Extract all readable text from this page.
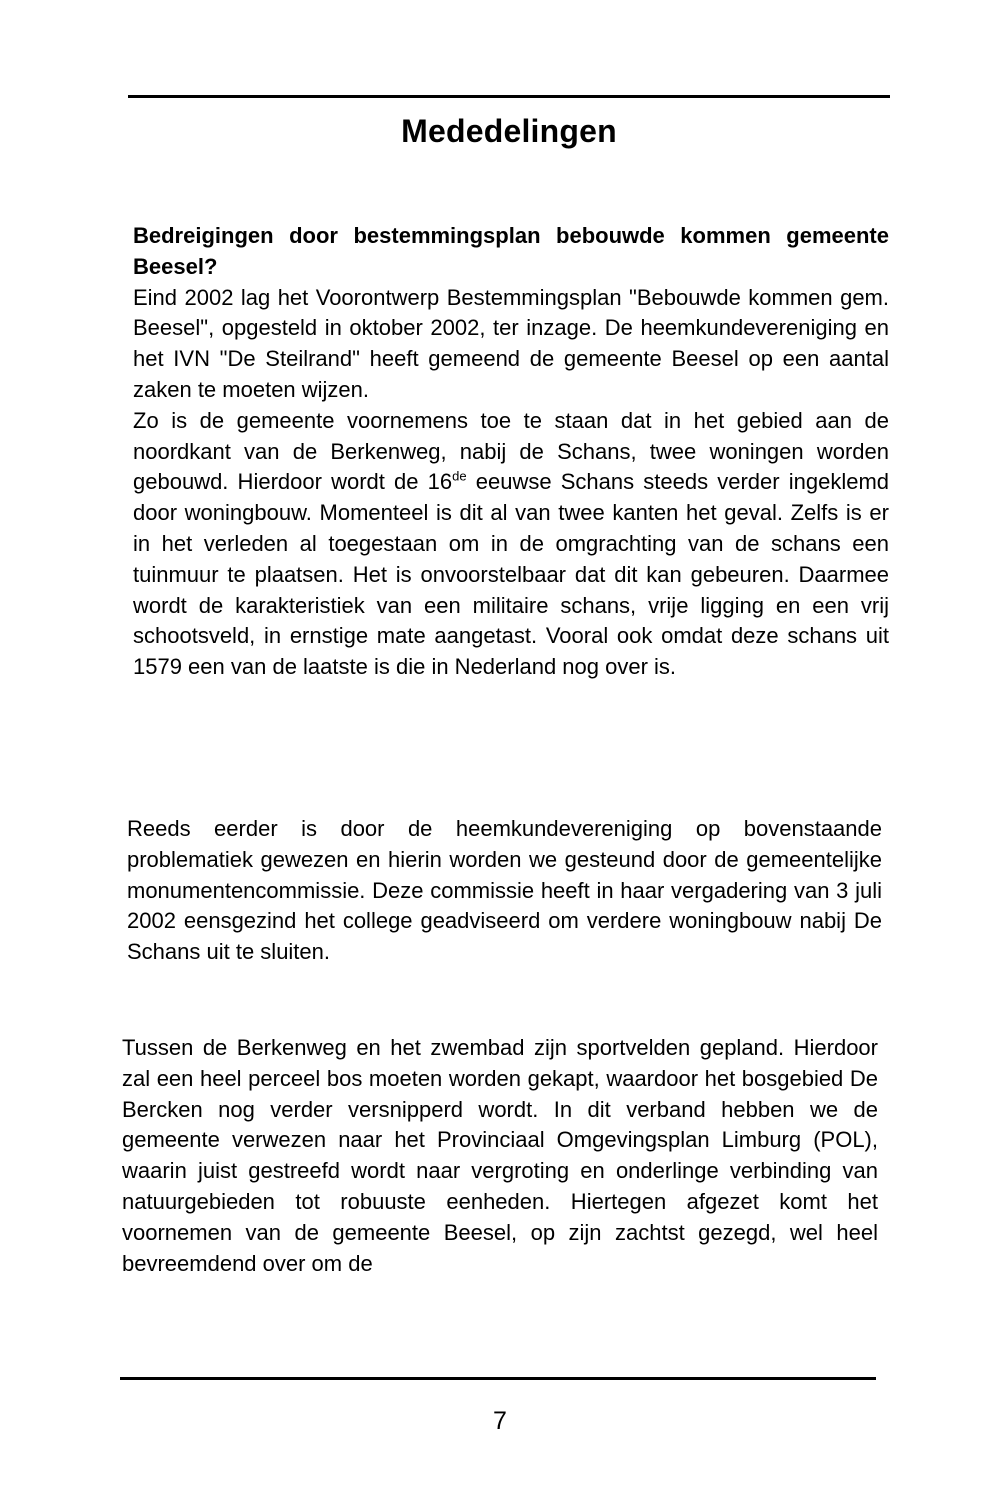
Mededelingen

Bedreigingen door bestemmingsplan bebouwde kommen gemeente Beesel?

Eind 2002 lag het Voorontwerp Bestemmingsplan "Bebouwde kommen gem. Beesel", opgesteld in oktober 2002, ter inzage. De heemkundevereniging en het IVN "De Steilrand" heeft gemeend de gemeente Beesel op een aantal zaken te moeten wijzen.

Zo is de gemeente voornemens toe te staan dat in het gebied aan de noordkant van de Berkenweg, nabij de Schans, twee woningen worden gebouwd. Hierdoor wordt de 16de eeuwse Schans steeds verder ingeklemd door woningbouw. Momenteel is dit al van twee kanten het geval. Zelfs is er in het verleden al toegestaan om in de omgrachting van de schans een tuinmuur te plaatsen. Het is onvoorstelbaar dat dit kan gebeuren. Daarmee wordt de karakteristiek van een militaire schans, vrije ligging en een vrij schootsveld, in ernstige mate aangetast. Vooral ook omdat deze schans uit 1579 een van de laatste is die in Nederland nog over is.

Reeds eerder is door de heemkundevereniging op bovenstaande problematiek gewezen en hierin worden we gesteund door de gemeentelijke monumentencommissie. Deze commissie heeft in haar vergadering van 3 juli 2002 eensgezind het college geadviseerd om verdere woningbouw nabij De Schans uit te sluiten.

Tussen de Berkenweg en het zwembad zijn sportvelden gepland. Hierdoor zal een heel perceel bos moeten worden gekapt, waardoor het bosgebied De Bercken nog verder versnipperd wordt. In dit verband hebben we de gemeente verwezen naar het Provinciaal Omgevingsplan Limburg (POL), waarin juist gestreefd wordt naar vergroting en onderlinge verbinding van natuurgebieden tot robuuste eenheden. Hiertegen afgezet komt het voornemen van de gemeente Beesel, op zijn zachtst gezegd, wel heel bevreemdend over om de

7
